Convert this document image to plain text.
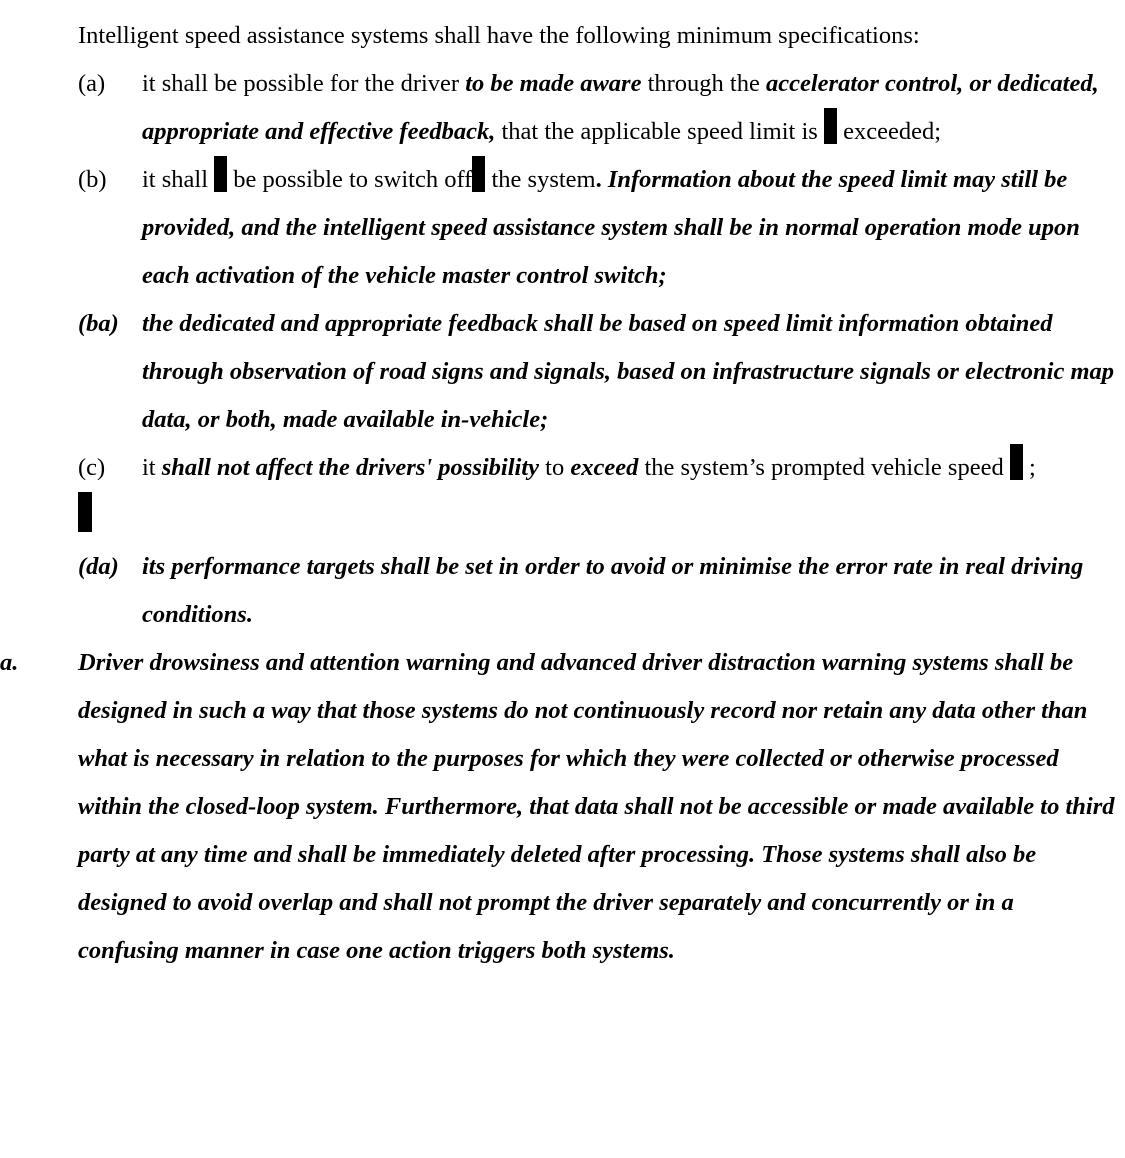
Intelligent speed assistance systems shall have the following minimum specifications:

(a)	it shall be possible for the driver to be made aware through the accelerator control, or dedicated, appropriate and effective feedback, that the applicable speed limit is  exceeded;
(b)	it shall  be possible to switch off the system. Information about the speed limit may still be provided, and the intelligent speed assistance system shall be in normal operation mode upon each activation of the vehicle master control switch;
(ba) the dedicated and appropriate feedback shall be based on speed limit information obtained through observation of road signs and signals, based on infrastructure signals or electronic map data, or both, made available in-vehicle;
(c)	it shall not affect the drivers' possibility to exceed the system’s prompted vehicle speed  ;
(da) its performance targets shall be set in order to avoid or minimise the error rate in real driving conditions.
a.	Driver drowsiness and attention warning and advanced driver distraction warning systems shall be designed in such a way that those systems do not continuously record nor retain any data other than what is necessary in relation to the purposes for which they were collected or otherwise processed within the closed-loop system. Furthermore, that data shall not be accessible or made available to third party at any time and shall be immediately deleted after processing. Those systems shall also be designed to avoid overlap and shall not prompt the driver separately and concurrently or in a confusing manner in case one action triggers both systems.
